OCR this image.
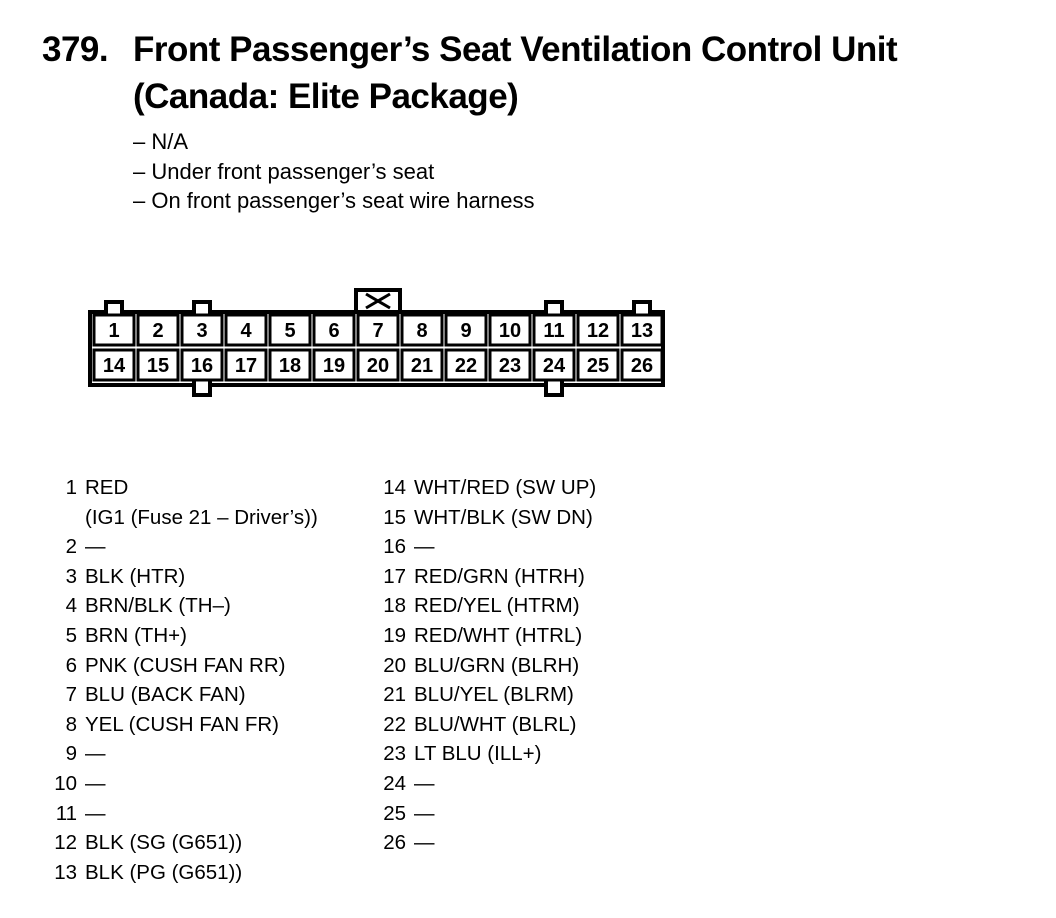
379. Front Passenger’s Seat Ventilation Control Unit
(Canada: Elite Package)
– N/A
– Under front passenger’s seat
– On front passenger’s seat wire harness
1 2 3 4 5 6 7 8 9 10 11 12 13
14 15 16 17 18 19 20 21 22 23 24 25 26
1 RED
(IG1 (Fuse 21 – Driver’s))
2 —
3 BLK (HTR)
4 BRN/BLK (TH–)
5 BRN (TH+)
6 PNK (CUSH FAN RR)
7 BLU (BACK FAN)
8 YEL (CUSH FAN FR)
9 —
10 —
11 —
12 BLK (SG (G651))
13 BLK (PG (G651))
14 WHT/RED (SW UP)
15 WHT/BLK (SW DN)
16 —
17 RED/GRN (HTRH)
18 RED/YEL (HTRM)
19 RED/WHT (HTRL)
20 BLU/GRN (BLRH)
21 BLU/YEL (BLRM)
22 BLU/WHT (BLRL)
23 LT BLU (ILL+)
24 —
25 —
26 —
